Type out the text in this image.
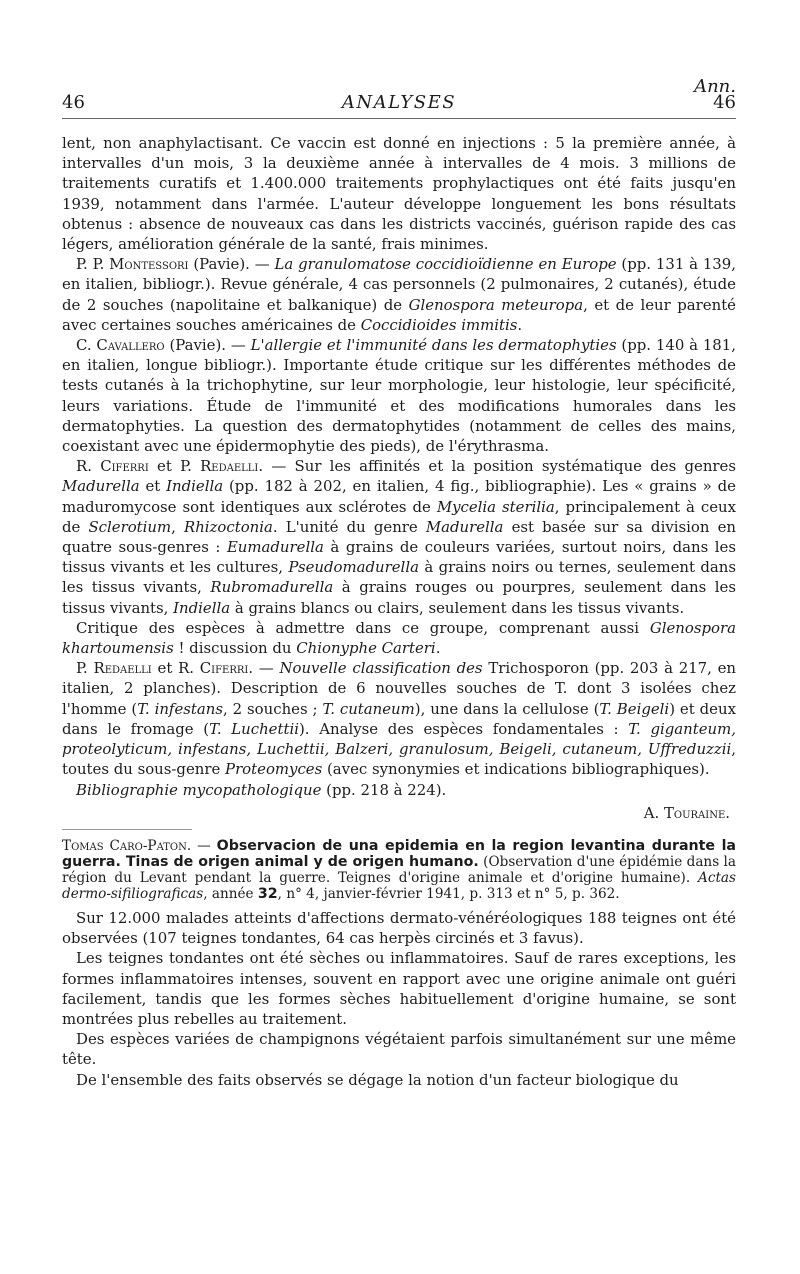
Ann.
46	ANALYSES	46

lent, non anaphylactisant. Ce vaccin est donné en injections : 5 la première année, à intervalles d'un mois, 3 la deuxième année à intervalles de 4 mois. 3 millions de traitements curatifs et 1.400.000 traitements prophylactiques ont été faits jusqu'en 1939, notamment dans l'armée. L'auteur développe longuement les bons résultats obtenus : absence de nouveaux cas dans les districts vaccinés, guérison rapide des cas légers, amélioration générale de la santé, frais minimes.

P. P. Montessori (Pavie). — La granulomatose coccidioïdienne en Europe (pp. 131 à 139, en italien, bibliogr.). Revue générale, 4 cas personnels (2 pulmonaires, 2 cutanés), étude de 2 souches (napolitaine et balkanique) de Glenospora meteuropa, et de leur parenté avec certaines souches américaines de Coccidioides immitis.

C. Cavallero (Pavie). — L'allergie et l'immunité dans les dermatophyties (pp. 140 à 181, en italien, longue bibliogr.). Importante étude critique sur les différentes méthodes de tests cutanés à la trichophytine, sur leur morphologie, leur histologie, leur spécificité, leurs variations. Étude de l'immunité et des modifications humorales dans les dermatophyties. La question des dermatophytides (notamment de celles des mains, coexistant avec une épidermophytie des pieds), de l'érythrasma.

R. Ciferri et P. Redaelli. — Sur les affinités et la position systématique des genres Madurella et Indiella (pp. 182 à 202, en italien, 4 fig., bibliographie). Les « grains » de maduromycose sont identiques aux sclérotes de Mycelia sterilia, principalement à ceux de Sclerotium, Rhizoctonia. L'unité du genre Madurella est basée sur sa division en quatre sous-genres : Eumadurella à grains de couleurs variées, surtout noirs, dans les tissus vivants et les cultures, Pseudomadurella à grains noirs ou ternes, seulement dans les tissus vivants, Rubromadurella à grains rouges ou pourpres, seulement dans les tissus vivants, Indiella à grains blancs ou clairs, seulement dans les tissus vivants.

Critique des espèces à admettre dans ce groupe, comprenant aussi Glenospora khartoumensis ! discussion du Chionyphe Carteri.

P. Redaelli et R. Ciferri. — Nouvelle classification des Trichosporon (pp. 203 à 217, en italien, 2 planches). Description de 6 nouvelles souches de T. dont 3 isolées chez l'homme (T. infestans, 2 souches ; T. cutaneum), une dans la cellulose (T. Beigeli) et deux dans le fromage (T. Luchettii). Analyse des espèces fondamentales : T. giganteum, proteolyticum, infestans, Luchettii, Balzeri, granulosum, Beigeli, cutaneum, Uffreduzzii, toutes du sous-genre Proteomyces (avec synonymies et indications bibliographiques).

Bibliographie mycopathologique (pp. 218 à 224).

A. Touraine.

Tomas Caro-Paton. — Observacion de una epidemia en la region levantina durante la guerra. Tinas de origen animal y de origen humano. (Observation d'une épidémie dans la région du Levant pendant la guerre. Teignes d'origine animale et d'origine humaine). Actas dermo-sifiliograficas, année 32, n° 4, janvier-février 1941, p. 313 et n° 5, p. 362.

Sur 12.000 malades atteints d'affections dermato-vénéréologiques 188 teignes ont été observées (107 teignes tondantes, 64 cas herpès circinés et 3 favus).

Les teignes tondantes ont été sèches ou inflammatoires. Sauf de rares exceptions, les formes inflammatoires intenses, souvent en rapport avec une origine animale ont guéri facilement, tandis que les formes sèches habituellement d'origine humaine, se sont montrées plus rebelles au traitement.

Des espèces variées de champignons végétaient parfois simultanément sur une même tête.

De l'ensemble des faits observés se dégage la notion d'un facteur biologique du
